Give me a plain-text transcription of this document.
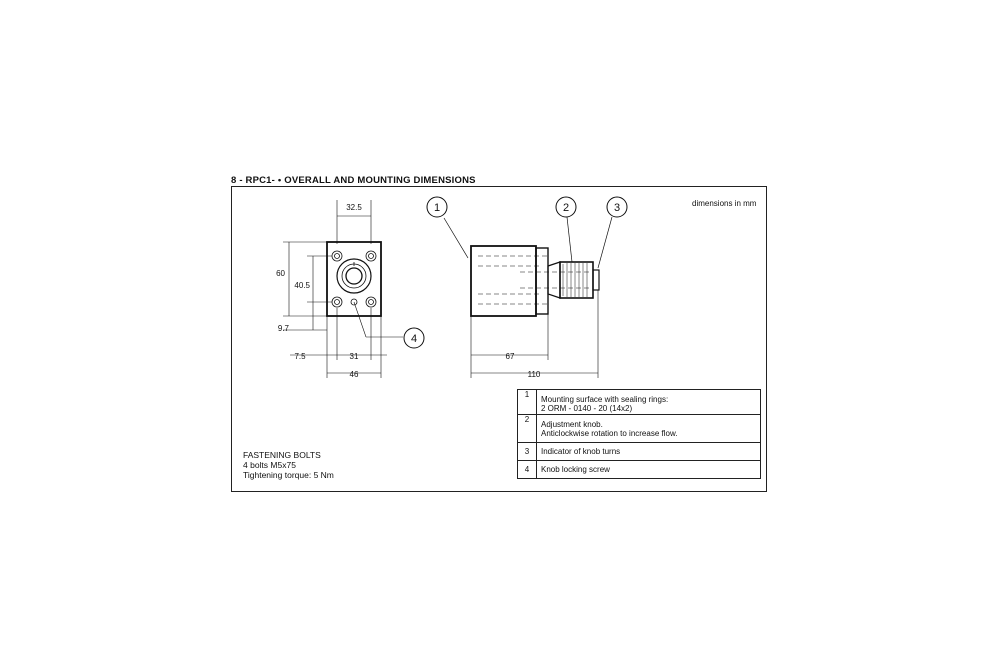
8 - RPC1- • OVERALL AND MOUNTING DIMENSIONS
dimensions in mm
1	2	3
4
32.5
60
40.5
9.7
7.5	31
46
67
110
FASTENING BOLTS
4 bolts M5x75
Tightening torque: 5 Nm
1	Mounting surface with sealing rings:
2 ORM - 0140 - 20 (14x2)

2	Adjustment knob.
Anticlockwise rotation to increase flow.

3	Indicator of knob turns
4	Knob locking screw
